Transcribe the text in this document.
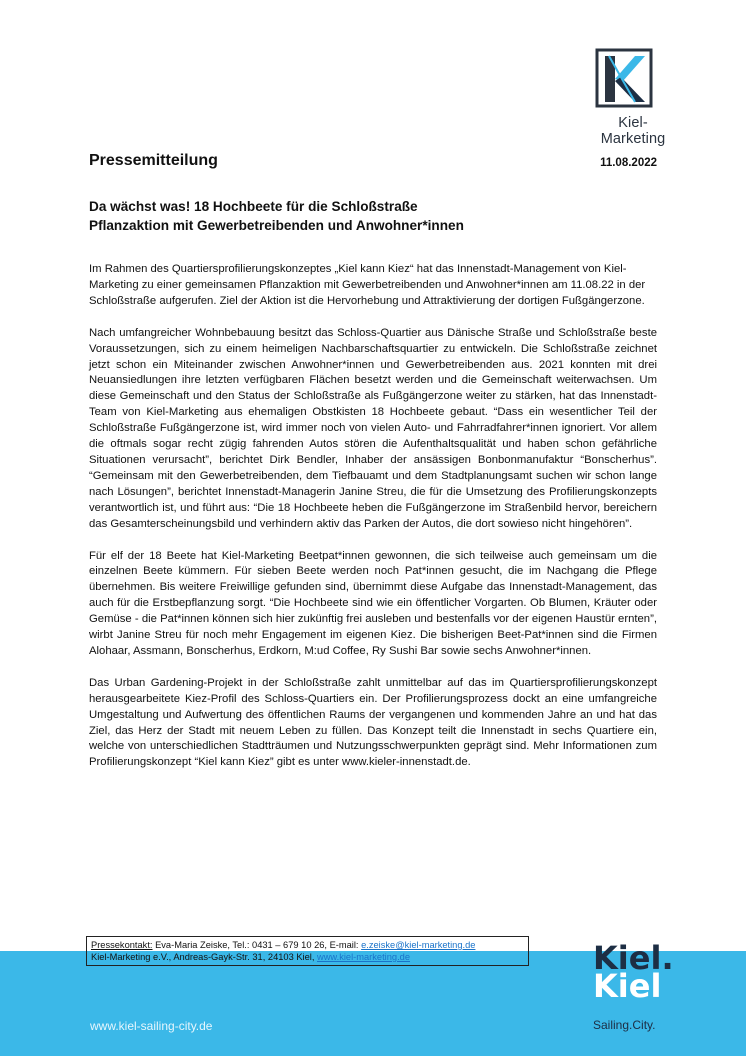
Kiel-Marketing
Pressemitteilung	11.08.2022
Da wächst was! 18 Hochbeete für die Schloßstraße
Pflanzaktion mit Gewerbetreibenden und Anwohner*innen

Im Rahmen des Quartiersprofilierungskonzeptes „Kiel kann Kiez“ hat das Innenstadt-Management von Kiel-Marketing zu einer gemeinsamen Pflanzaktion mit Gewerbetreibenden und Anwohner*innen am 11.08.22 in der Schloßstraße aufgerufen. Ziel der Aktion ist die Hervorhebung und Attraktivierung der dortigen Fußgängerzone.

Nach umfangreicher Wohnbebauung besitzt das Schloss-Quartier aus Dänische Straße und Schloßstraße beste Voraussetzungen, sich zu einem heimeligen Nachbarschaftsquartier zu entwickeln. Die Schloßstraße zeichnet jetzt schon ein Miteinander zwischen Anwohner*innen und Gewerbetreibenden aus. 2021 konnten mit drei Neuansiedlungen ihre letzten verfügbaren Flächen besetzt werden und die Gemeinschaft weiterwachsen. Um diese Gemeinschaft und den Status der Schloßstraße als Fußgängerzone weiter zu stärken, hat das Innenstadt-Team von Kiel-Marketing aus ehemaligen Obstkisten 18 Hochbeete gebaut. “Dass ein wesentlicher Teil der Schloßstraße Fußgängerzone ist, wird immer noch von vielen Auto- und Fahrradfahrer*innen ignoriert. Vor allem die oftmals sogar recht zügig fahrenden Autos stören die Aufenthaltsqualität und haben schon gefährliche Situationen verursacht”, berichtet Dirk Bendler, Inhaber der ansässigen Bonbonmanufaktur “Bonscherhus”. “Gemeinsam mit den Gewerbetreibenden, dem Tiefbauamt und dem Stadtplanungsamt suchen wir schon lange nach Lösungen”, berichtet Innenstadt-Managerin Janine Streu, die für die Umsetzung des Profilierungskonzepts verantwortlich ist, und führt aus: “Die 18 Hochbeete heben die Fußgängerzone im Straßenbild hervor, bereichern das Gesamterscheinungsbild und verhindern aktiv das Parken der Autos, die dort sowieso nicht hingehören”.

Für elf der 18 Beete hat Kiel-Marketing Beetpat*innen gewonnen, die sich teilweise auch gemeinsam um die einzelnen Beete kümmern. Für sieben Beete werden noch Pat*innen gesucht, die im Nachgang die Pflege übernehmen. Bis weitere Freiwillige gefunden sind, übernimmt diese Aufgabe das Innenstadt-Management, das auch für die Erstbepflanzung sorgt. “Die Hochbeete sind wie ein öffentlicher Vorgarten. Ob Blumen, Kräuter oder Gemüse - die Pat*innen können sich hier zukünftig frei ausleben und bestenfalls vor der eigenen Haustür ernten”, wirbt Janine Streu für noch mehr Engagement im eigenen Kiez. Die bisherigen Beet-Pat*innen sind die Firmen Alohaar, Assmann, Bonscherhus, Erdkorn, M:ud Coffee, Ry Sushi Bar sowie sechs Anwohner*innen.

Das Urban Gardening-Projekt in der Schloßstraße zahlt unmittelbar auf das im Quartiersprofilierungskonzept herausgearbeitete Kiez-Profil des Schloss-Quartiers ein. Der Profilierungsprozess dockt an eine umfangreiche Umgestaltung und Aufwertung des öffentlichen Raums der vergangenen und kommenden Jahre an und hat das Ziel, das Herz der Stadt mit neuem Leben zu füllen. Das Konzept teilt die Innenstadt in sechs Quartiere ein, welche von unterschiedlichen Stadtträumen und Nutzungsschwerpunkten geprägt sind. Mehr Informationen zum Profilierungskonzept “Kiel kann Kiez” gibt es unter www.kieler-innenstadt.de.

Pressekontakt: Eva-Maria Zeiske, Tel.: 0431 – 679 10 26, E-mail: e.zeiske@kiel-marketing.de
Kiel-Marketing e.V., Andreas-Gayk-Str. 31, 24103 Kiel, www.kiel-marketing.de	Kiel.
Kiel
www.kiel-sailing-city.de	Sailing.City.
